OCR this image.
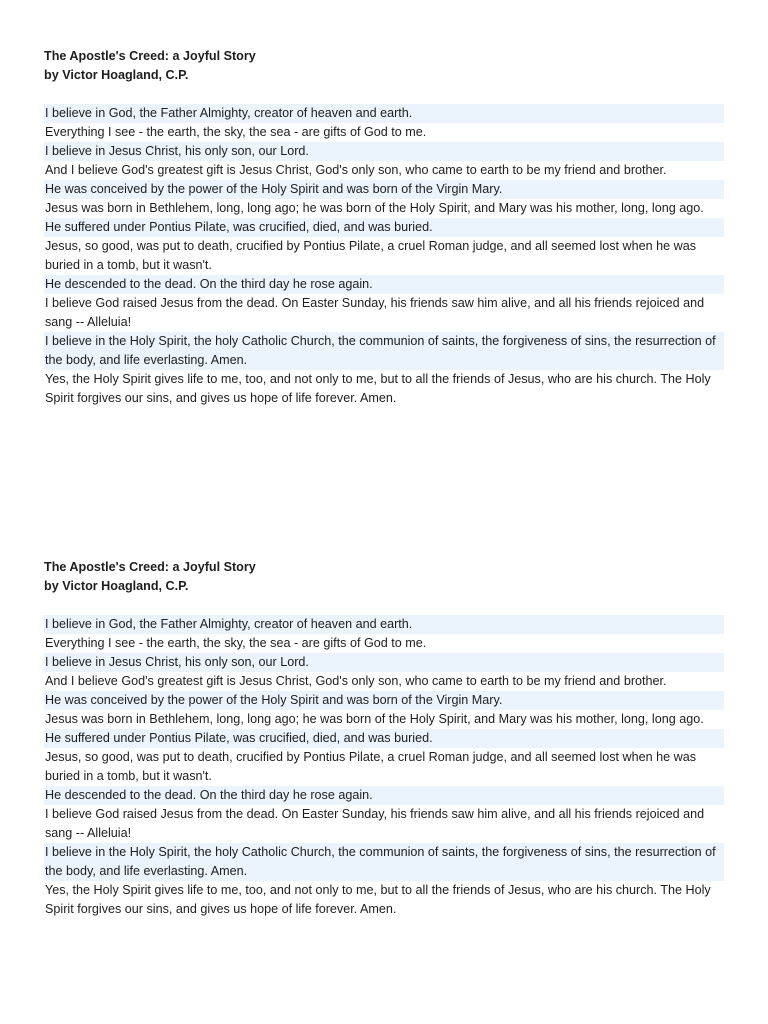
The Apostle's Creed: a Joyful Story
by Victor Hoagland, C.P.
I believe in God, the Father Almighty, creator of heaven and earth.
Everything I see - the earth, the sky, the sea - are gifts of God to me.
I believe in Jesus Christ, his only son, our Lord.
And I believe God's greatest gift is Jesus Christ, God's only son, who came to earth to be my friend and brother.
He was conceived by the power of the Holy Spirit and was born of the Virgin Mary.
Jesus was born in Bethlehem, long, long ago; he was born of the Holy Spirit, and Mary was his mother, long, long ago.
He suffered under Pontius Pilate, was crucified, died, and was buried.
Jesus, so good, was put to death, crucified by Pontius Pilate, a cruel Roman judge, and all seemed lost when he was buried in a tomb, but it wasn't.
He descended to the dead. On the third day he rose again.
I believe God raised Jesus from the dead. On Easter Sunday, his friends saw him alive, and all his friends rejoiced and sang -- Alleluia!
I believe in the Holy Spirit, the holy Catholic Church, the communion of saints, the forgiveness of sins, the resurrection of the body, and life everlasting. Amen.
Yes, the Holy Spirit gives life to me, too, and not only to me, but to all the friends of Jesus, who are his church. The Holy Spirit forgives our sins, and gives us hope of life forever. Amen.
The Apostle's Creed: a Joyful Story
by Victor Hoagland, C.P.
I believe in God, the Father Almighty, creator of heaven and earth.
Everything I see - the earth, the sky, the sea - are gifts of God to me.
I believe in Jesus Christ, his only son, our Lord.
And I believe God's greatest gift is Jesus Christ, God's only son, who came to earth to be my friend and brother.
He was conceived by the power of the Holy Spirit and was born of the Virgin Mary.
Jesus was born in Bethlehem, long, long ago; he was born of the Holy Spirit, and Mary was his mother, long, long ago.
He suffered under Pontius Pilate, was crucified, died, and was buried.
Jesus, so good, was put to death, crucified by Pontius Pilate, a cruel Roman judge, and all seemed lost when he was buried in a tomb, but it wasn't.
He descended to the dead. On the third day he rose again.
I believe God raised Jesus from the dead. On Easter Sunday, his friends saw him alive, and all his friends rejoiced and sang -- Alleluia!
I believe in the Holy Spirit, the holy Catholic Church, the communion of saints, the forgiveness of sins, the resurrection of the body, and life everlasting. Amen.
Yes, the Holy Spirit gives life to me, too, and not only to me, but to all the friends of Jesus, who are his church. The Holy Spirit forgives our sins, and gives us hope of life forever. Amen.
